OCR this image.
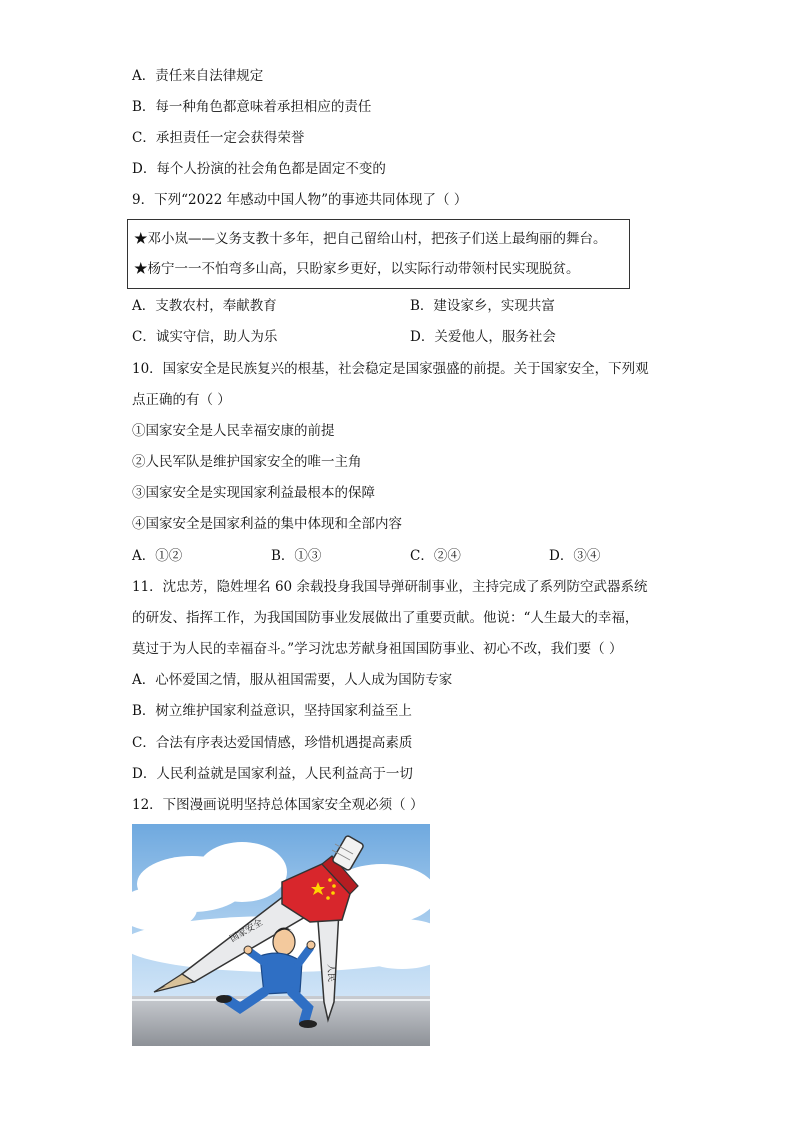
A．责任来自法律规定
B．每一种角色都意味着承担相应的责任
C．承担责任一定会获得荣誉
D．每个人扮演的社会角色都是固定不变的
9．下列“2022 年感动中国人物”的事迹共同体现了（ ）
★邓小岚——义务支教十多年，把自己留给山村，把孩子们送上最绚丽的舞台。
★杨宁一一不怕弯多山高，只盼家乡更好，以实际行动带领村民实现脱贫。
A．支教农村，奉献教育	B．建设家乡，实现共富
C．诚实守信，助人为乐	D．关爱他人，服务社会
10．国家安全是民族复兴的根基，社会稳定是国家强盛的前提。关于国家安全，下列观
点正确的有（ ）
①国家安全是人民幸福安康的前提
②人民军队是维护国家安全的唯一主角
③国家安全是实现国家利益最根本的保障
④国家安全是国家利益的集中体现和全部内容
A．①②	B．①③	C．②④	D．③④
11．沈忠芳，隐姓埋名 60 余载投身我国导弹研制事业，主持完成了系列防空武器系统
的研发、指挥工作，为我国国防事业发展做出了重要贡献。他说：“人生最大的幸福，
莫过于为人民的幸福奋斗。”学习沈忠芳献身祖国国防事业、初心不改，我们要（ ）
A．心怀爱国之情，服从祖国需要，人人成为国防专家
B．树立维护国家利益意识，坚持国家利益至上
C．合法有序表达爱国情感，珍惜机遇提高素质
D．人民利益就是国家利益，人民利益高于一切
12．下图漫画说明坚持总体国家安全观必须（ ）
人民
国家安全
